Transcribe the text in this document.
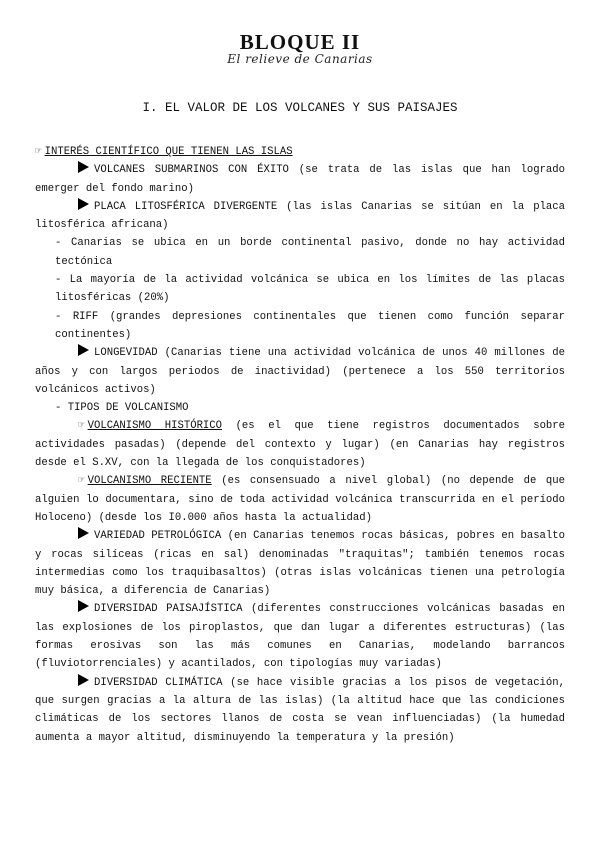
BLOQUE II
El relieve de Canarias
I. EL VALOR DE LOS VOLCANES Y SUS PAISAJES

☞ INTERÉS CIENTÍFICO QUE TIENEN LAS ISLAS

VOLCANES SUBMARINOS CON ÉXITO (se trata de las islas que han logrado emerger del fondo marino)

PLACA LITOSFÉRICA DIVERGENTE (las islas Canarias se sitúan en la placa litosférica africana)

- Canarias se ubica en un borde continental pasivo, donde no hay actividad tectónica

- La mayoría de la actividad volcánica se ubica en los límites de las placas litosféricas (20%)

- RIFF (grandes depresiones continentales que tienen como función separar continentes)

LONGEVIDAD (Canarias tiene una actividad volcánica de unos 40 millones de años y con largos periodos de inactividad) (pertenece a los 550 territorios volcánicos activos)

- TIPOS DE VOLCANISMO

☞ VOLCANISMO HISTÓRICO (es el que tiene registros documentados sobre actividades pasadas) (depende del contexto y lugar) (en Canarias hay registros desde el S.XV, con la llegada de los conquistadores)

☞ VOLCANISMO RECIENTE (es consensuado a nivel global) (no depende de que alguien lo documentara, sino de toda actividad volcánica transcurrida en el período Holoceno) (desde los I0.000 años hasta la actualidad)

VARIEDAD PETROLÓGICA (en Canarias tenemos rocas básicas, pobres en basalto y rocas silíceas (ricas en sal) denominadas "traquitas"; también tenemos rocas intermedias como los traquibasaltos) (otras islas volcánicas tienen una petrología muy básica, a diferencia de Canarias)

DIVERSIDAD PAISAJÍSTICA (diferentes construcciones volcánicas basadas en las explosiones de los piroplastos, que dan lugar a diferentes estructuras) (las formas erosivas son las más comunes en Canarias, modelando barrancos (fluviotorrenciales) y acantilados, con tipologías muy variadas)

DIVERSIDAD CLIMÁTICA (se hace visible gracias a los pisos de vegetación, que surgen gracias a la altura de las islas) (la altitud hace que las condiciones climáticas de los sectores llanos de costa se vean influenciadas) (la humedad aumenta a mayor altitud, disminuyendo la temperatura y la presión)
